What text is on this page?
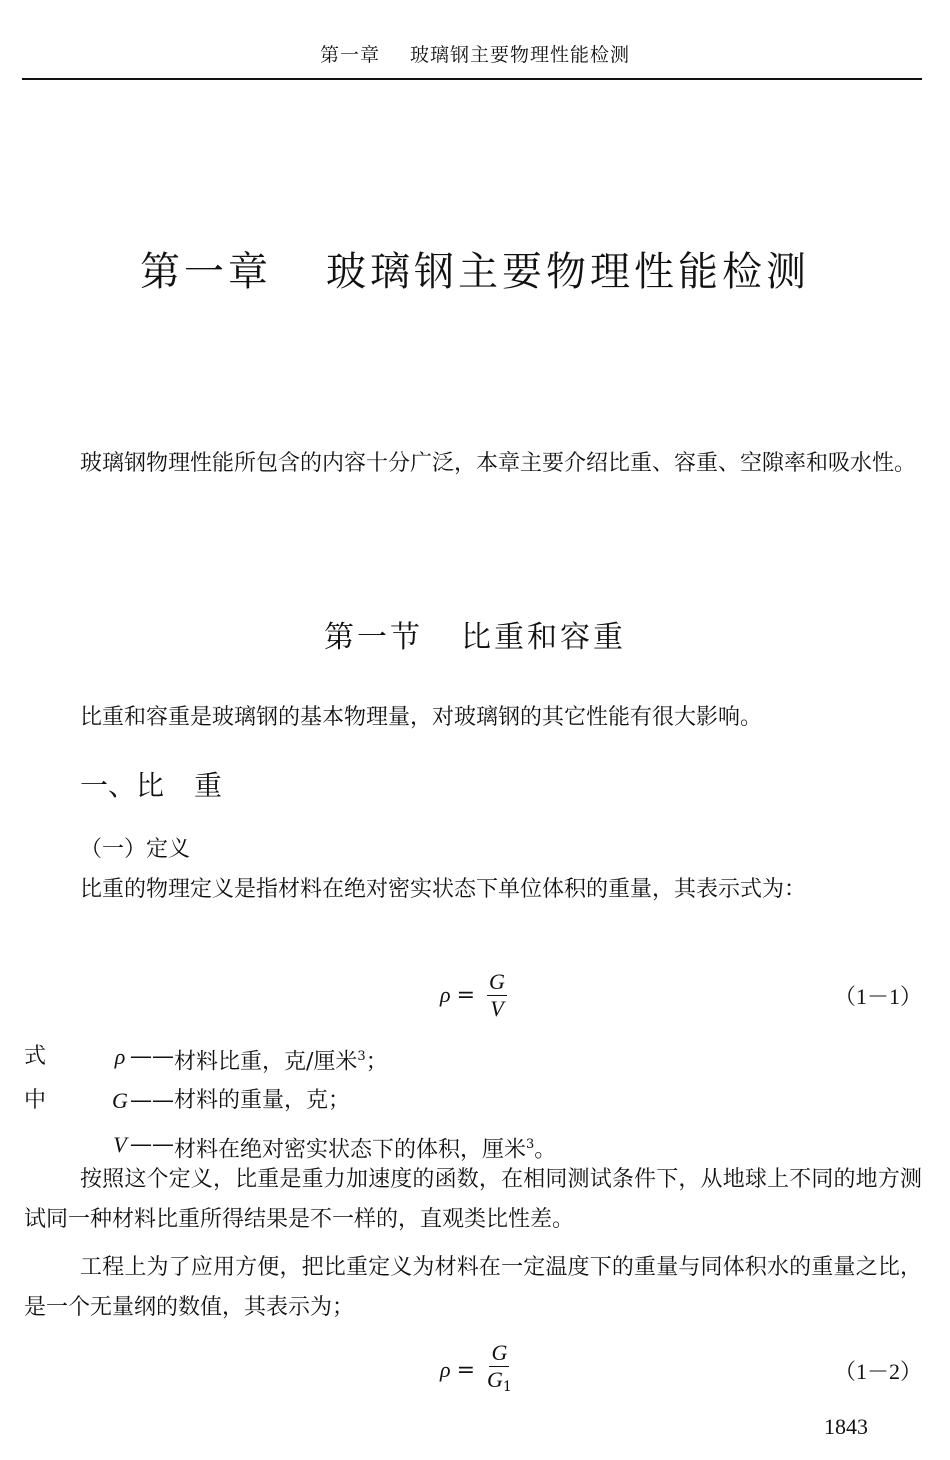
第一章 玻璃钢主要物理性能检测
第一章 玻璃钢主要物理性能检测
玻璃钢物理性能所包含的内容十分广泛，本章主要介绍比重、容重、空隙率和吸水性。
第一节 比重和容重
比重和容重是玻璃钢的基本物理量，对玻璃钢的其它性能有很大影响。
一、比 重
（一）定义
比重的物理定义是指材料在绝对密实状态下单位体积的重量，其表示式为：
$\rho = \frac{G}{V}$	（1－1）
式中
ρ —— 材料比重，克/厘米$^3$；
G —— 材料的重量，克；
V —— 材料在绝对密实状态下的体积，厘米$^3$。
按照这个定义，比重是重力加速度的函数，在相同测试条件下，从地球上不同的地方测试同一种材料比重所得结果是不一样的，直观类比性差。
工程上为了应用方便，把比重定义为材料在一定温度下的重量与同体积水的重量之比，是一个无量纲的数值，其表示为；
$\rho = \frac{G}{G1}$	（1－2）
1843
